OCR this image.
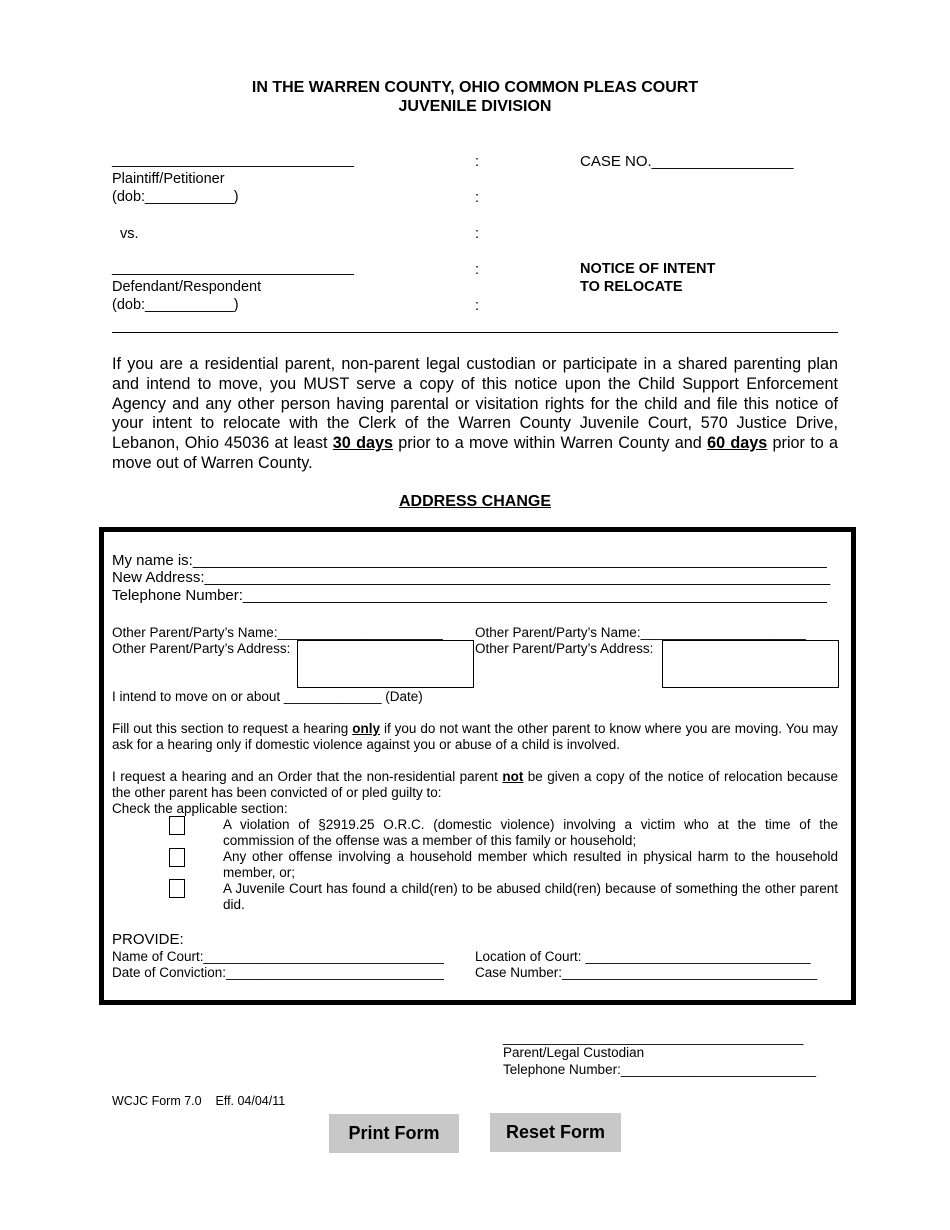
IN THE WARREN COUNTY, OHIO COMMON PLEAS COURT
JUVENILE DIVISION
______________________________
Plaintiff/Petitioner
(dob:___________)
vs.
______________________________
Defendant/Respondent
(dob:___________)
:
:
:
:
:
CASE NO._________________
NOTICE OF INTENT
TO RELOCATE
If you are a residential parent, non-parent legal custodian or participate in a shared parenting plan and intend to move, you MUST serve a copy of this notice upon the Child Support Enforcement Agency and any other person having parental or visitation rights for the child and file this notice of your intent to relocate with the Clerk of the Warren County Juvenile Court, 570 Justice Drive, Lebanon, Ohio 45036 at least 30 days prior to a move within Warren County and 60 days prior to a move out of Warren County.
ADDRESS CHANGE
My name is:____________________________________________________________________________
New Address:___________________________________________________________________________
Telephone Number:______________________________________________________________________
Other Parent/Party’s Name:______________________
Other Parent/Party’s Address:
Other Parent/Party’s Name:______________________
Other Parent/Party’s Address:
I intend to move on or about _____________ (Date)
Fill out this section to request a hearing only if you do not want the other parent to know where you are moving. You may ask for a hearing only if domestic violence against you or abuse of a child is involved.
I request a hearing and an Order that the non-residential parent not be given a copy of the notice of relocation because the other parent has been convicted of or pled guilty to:
Check the applicable section:
A violation of §2919.25 O.R.C. (domestic violence) involving a victim who at the time of the commission of the offense was a member of this family or household;
Any other offense involving a household member which resulted in physical harm to the household member, or;
A Juvenile Court has found a child(ren) to be abused child(ren) because of something the other parent did.
PROVIDE:
Name of Court:________________________________
Date of Conviction:_____________________________
Location of Court: ______________________________
Case Number:__________________________________
________________________________________
Parent/Legal Custodian
Telephone Number:__________________________
WCJC Form 7.0    Eff. 04/04/11
Print Form	Reset Form
